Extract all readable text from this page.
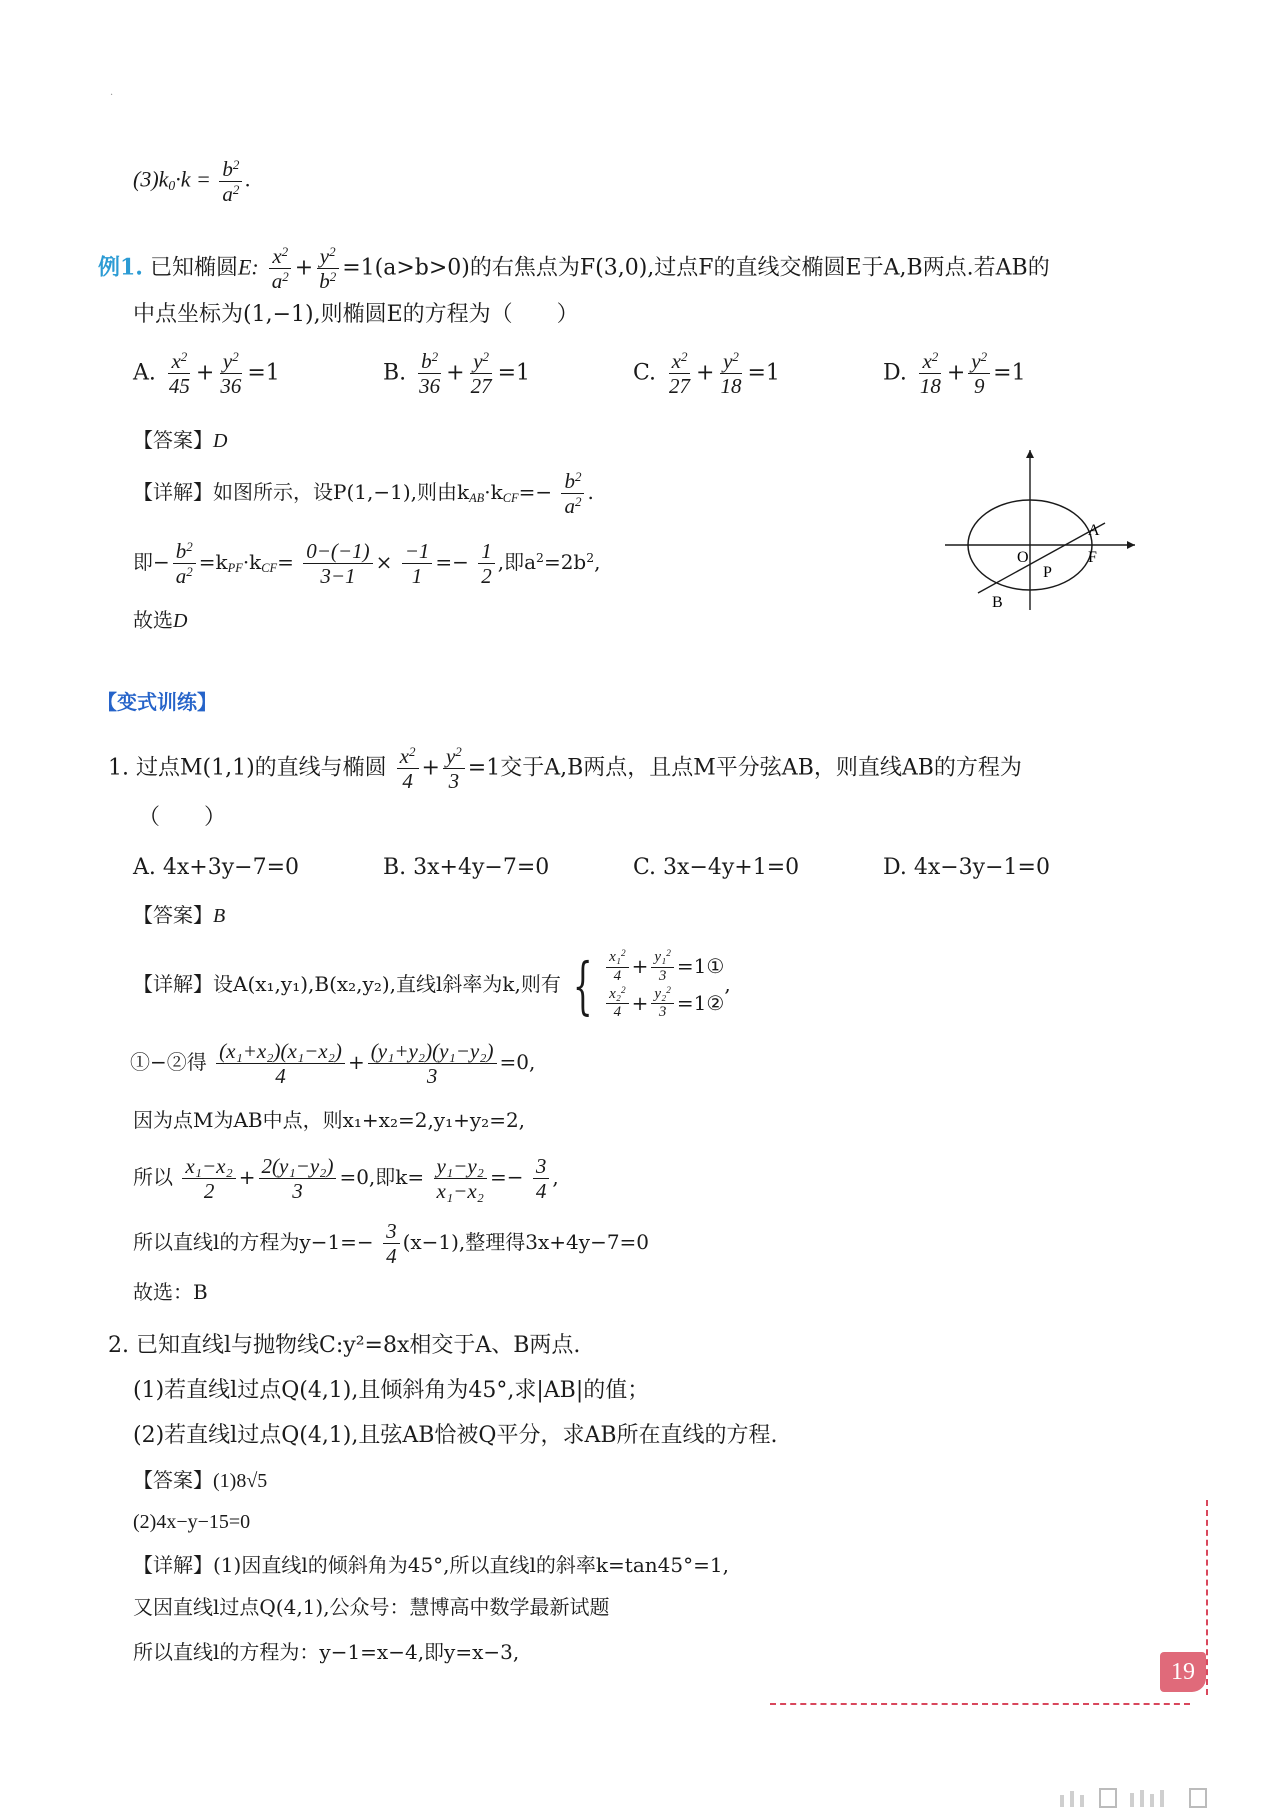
·
$(3)k_0\cdot k = \frac{b^2}{a^2}$ .
例1. 已知椭圆E: $\frac{x^2}{a^2} + \frac{y^2}{b^2} =1(a>b>0)$的右焦点为F(3,0),过点F的直线交椭圆E于A,B两点.若AB的
中点坐标为(1,−1),则椭圆E的方程为（　　）
A. $\frac{x^2}{45} + \frac{y^2}{36} =1$	B. $\frac{b^2}{36} + \frac{y^2}{27} =1$	C. $\frac{x^2}{27} + \frac{y^2}{18} =1$	D. $\frac{x^2}{18} + \frac{y^2}{9} =1$
【答案】D
【详解】如图所示，设P(1,−1),则由$k_{AB}\cdot k_{CF}=- \frac{b^2}{a^2}$ .
即− $\frac{b^2}{a^2} =k_{PF}\cdot k_{CF}= \frac{0-(-1)}{3-1} \times \frac{-1}{1} =- \frac{1}{2}$ ,即$a^2=2b^2$,
故选D
A
O
P
F
B
【变式训练】
1. 过点M(1,1)的直线与椭圆 $\frac{x^2}{4} + \frac{y^2}{3} =1$交于A,B两点，且点M平分弦AB，则直线AB的方程为
（　　）
A. 4x+3y−7=0	B. 3x+4y−7=0	C. 3x−4y+1=0	D. 4x−3y−1=0
【答案】B
【详解】设A(x₁,y₁),B(x₂,y₂),直线l斜率为k,则有 { $\frac{x_1^2}{4} + \frac{y_1^2}{3}$ =1①
$\frac{x_2^2}{4} + \frac{y_2^2}{3}$ =1②
,
①−②得 $\frac{\text{(x₁+x₂)(x₁−x₂)}}{4} + \frac{\text{(y₁+y₂)(y₁−y₂)}}{3} =0$,
因为点M为AB中点，则x₁+x₂=2,y₁+y₂=2,
所以 $\frac{\text{x₁−x₂}}{2} + \frac{\text{2(y₁−y₂)}}{3} =0$,即$k= \frac{\text{y₁−y₂}}{\text{x₁−x₂}} =- \frac{3}{4}$ ,
所以直线l的方程为$y-1=- \frac{3}{4} (x-1)$,整理得3x+4y−7=0
故选：B
2. 已知直线l与抛物线C:y²=8x相交于A、B两点.
(1)若直线l过点Q(4,1),且倾斜角为45°,求|AB|的值；
(2)若直线l过点Q(4,1),且弦AB恰被Q平分，求AB所在直线的方程.
【答案】(1)8√5
(2)4x−y−15=0
【详解】(1)因直线l的倾斜角为45°,所以直线l的斜率k=tan45°=1,
又因直线l过点Q(4,1),公众号：慧博高中数学最新试题
所以直线l的方程为：y−1=x−4,即y=x−3,
19
